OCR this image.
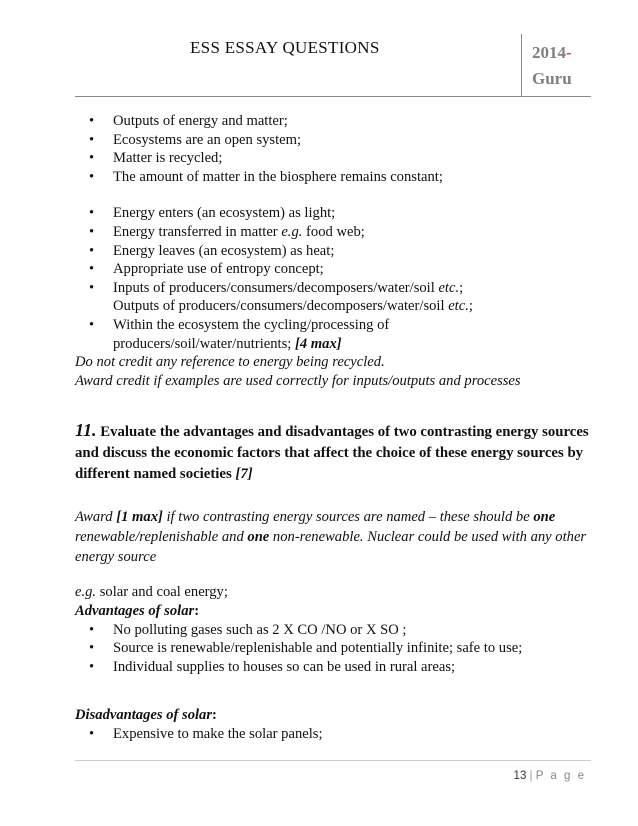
ESS ESSAY QUESTIONS	2014-
Guru
• Outputs of energy and matter;
• Ecosystems are an open system;
• Matter is recycled;
• The amount of matter in the biosphere remains constant;
• Energy enters (an ecosystem) as light;
• Energy transferred in matter e.g. food web;
• Energy leaves (an ecosystem) as heat;
• Appropriate use of entropy concept;
• Inputs of producers/consumers/decomposers/water/soil etc.;
Outputs of producers/consumers/decomposers/water/soil etc.;
• Within the ecosystem the cycling/processing of
producers/soil/water/nutrients; [4 max]
Do not credit any reference to energy being recycled.
Award credit if examples are used correctly for inputs/outputs and processes
11. Evaluate the advantages and disadvantages of two contrasting energy sources and discuss the economic factors that affect the choice of these energy sources by different named societies [7]
Award [1 max] if two contrasting energy sources are named – these should be one renewable/replenishable and one non-renewable. Nuclear could be used with any other energy source
e.g. solar and coal energy;
Advantages of solar:
• No polluting gases such as 2 X CO /NO or X SO ;
• Source is renewable/replenishable and potentially infinite; safe to use;
• Individual supplies to houses so can be used in rural areas;
Disadvantages of solar:
• Expensive to make the solar panels;
13 | P a g e
